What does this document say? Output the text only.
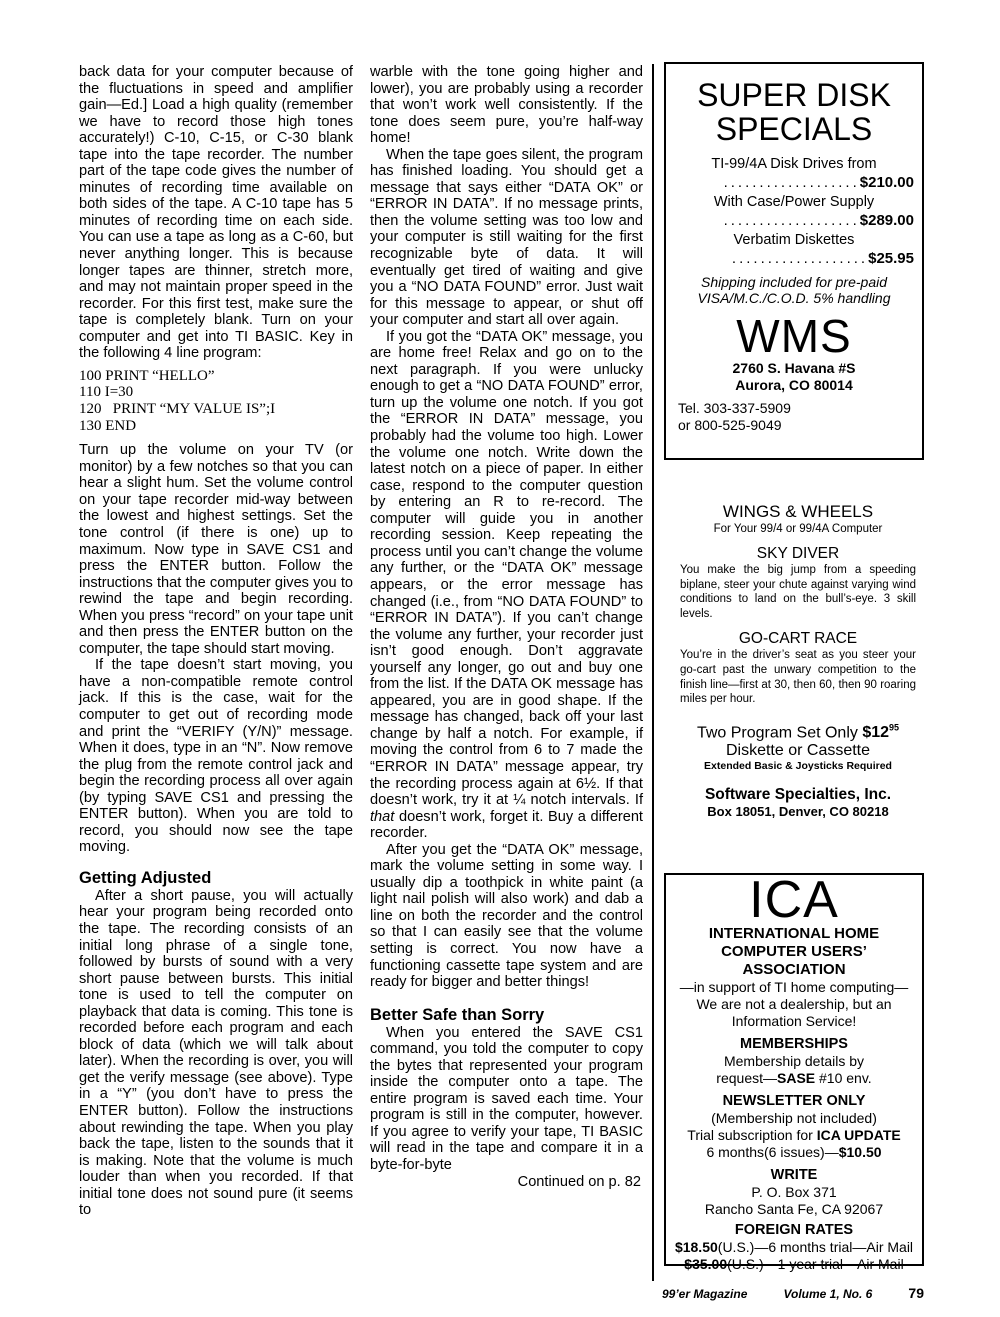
back data for your computer because of the fluctuations in speed and amplifier gain—Ed.] Load a high quality (remember we have to record those high tones accurately!) C-10, C-15, or C-30 blank tape into the tape recorder. The number part of the tape code gives the number of minutes of recording time available on both sides of the tape. A C-10 tape has 5 minutes of recording time on each side. You can use a tape as long as a C-60, but never anything longer. This is because longer tapes are thinner, stretch more, and may not maintain proper speed in the recorder. For this first test, make sure the tape is completely blank. Turn on your computer and get into TI BASIC. Key in the following 4 line program:

100 PRINT “HELLO”
110 I=30
120   PRINT “MY VALUE IS”;I
130 END

Turn up the volume on your TV (or monitor) by a few notches so that you can hear a slight hum. Set the volume control on your tape recorder mid-way between the lowest and highest settings. Set the tone control (if there is one) up to maximum. Now type in SAVE CS1 and press the ENTER button. Follow the instructions that the computer gives you to rewind the tape and begin recording. When you press “record” on your tape unit and then press the ENTER button on the computer, the tape should start moving.

If the tape doesn’t start moving, you have a non-compatible remote control jack. If this is the case, wait for the computer to get out of recording mode and print the “VERIFY (Y/N)” message. When it does, type in an “N”. Now remove the plug from the remote control jack and begin the recording process all over again (by typing SAVE CS1 and pressing the ENTER button). When you are told to record, you should now see the tape moving.

Getting Adjusted

After a short pause, you will actually hear your program being recorded onto the tape. The recording consists of an initial long phrase of a single tone, followed by bursts of sound with a very short pause between bursts. This initial tone is used to tell the computer on playback that data is coming. This tone is recorded before each program and each block of data (which we will talk about later). When the recording is over, you will get the verify message (see above). Type in a “Y” (you don’t have to press the ENTER button). Follow the instructions about rewinding the tape. When you play back the tape, listen to the sounds that it is making. Note that the volume is much louder than when you recorded. If that initial tone does not sound pure (it seems to

warble with the tone going higher and lower), you are probably using a recorder that won’t work well consistently. If the tone does seem pure, you’re half-way home!

When the tape goes silent, the program has finished loading. You should get a message that says either “DATA OK” or “ERROR IN DATA”. If no message prints, then the volume setting was too low and your computer is still waiting for the first recognizable byte of data. It will eventually get tired of waiting and give you a “NO DATA FOUND” error. Just wait for this message to appear, or shut off your computer and start all over again.

If you got the “DATA OK” message, you are home free! Relax and go on to the next paragraph. If you were unlucky enough to get a “NO DATA FOUND” error, turn up the volume one notch. If you got the “ERROR IN DATA” message, you probably had the volume too high. Lower the volume one notch. Write down the latest notch on a piece of paper. In either case, respond to the computer question by entering an R to re-record. The computer will guide you in another recording session. Keep repeating the process until you can’t change the volume any further, or the “DATA OK” message appears, or the error message has changed (i.e., from “NO DATA FOUND” to “ERROR IN DATA”). If you can’t change the volume any further, your recorder just isn’t good enough. Don’t aggravate yourself any longer, go out and buy one from the list. If the DATA OK message has appeared, you are in good shape. If the message has changed, back off your last change by half a notch. For example, if moving the control from 6 to 7 made the “ERROR IN DATA” message appear, try the recording process again at 6½. If that doesn’t work, try it at ¼ notch intervals. If that doesn’t work, forget it. Buy a different recorder.

After you get the “DATA OK” message, mark the volume setting in some way. I usually dip a toothpick in white paint (a light nail polish will also work) and dab a line on both the recorder and the control so that I can easily see that the volume setting is correct. You now have a functioning cassette tape system and are ready for bigger and better things!

Better Safe than Sorry

When you entered the SAVE CS1 command, you told the computer to copy the bytes that represented your program inside the computer onto a tape. The entire program is saved each time. Your program is still in the computer, however. If you agree to verify your tape, TI BASIC will read in the tape and compare it in a byte-for-byte

Continued on p. 82

SUPER DISK
SPECIALS
TI-99/4A Disk Drives from
...................$210.00
With Case/Power Supply
...................$289.00
Verbatim Diskettes
...................$25.95
Shipping included for pre-paid
VISA/M.C./C.O.D. 5% handling
WMS
2760 S. Havana #S
Aurora, CO 80014
Tel. 303-337-5909
or 800-525-9049
WINGS & WHEELS
For Your 99/4 or 99/4A Computer
SKY DIVER
You make the big jump from a speeding biplane, steer your chute against varying wind conditions to land on the bull’s-eye. 3 skill levels.
GO-CART RACE
You’re in the driver’s seat as you steer your go-cart past the unwary competition to the finish line—first at 30, then 60, then 90 roaring miles per hour.
Two Program Set Only $\$12^{95}$
Diskette or Cassette
Extended Basic & Joysticks Required
Software Specialties, Inc.
Box 18051, Denver, CO 80218
ICA
INTERNATIONAL HOME
COMPUTER USERS’
ASSOCIATION
—in support of TI home computing—
We are not a dealership, but an
Information Service!
MEMBERSHIPS
Membership details by
request—SASE #10 env.
NEWSLETTER ONLY
(Membership not included)
Trial subscription for ICA UPDATE
6 months(6 issues)—$10.50
WRITE
P. O. Box 371
Rancho Santa Fe, CA 92067
FOREIGN RATES
$18.50(U.S.)—6 months trial—Air Mail
$35.00(U.S.)—1 year trial—Air Mail
99’er Magazine	Volume 1, No. 6	79
